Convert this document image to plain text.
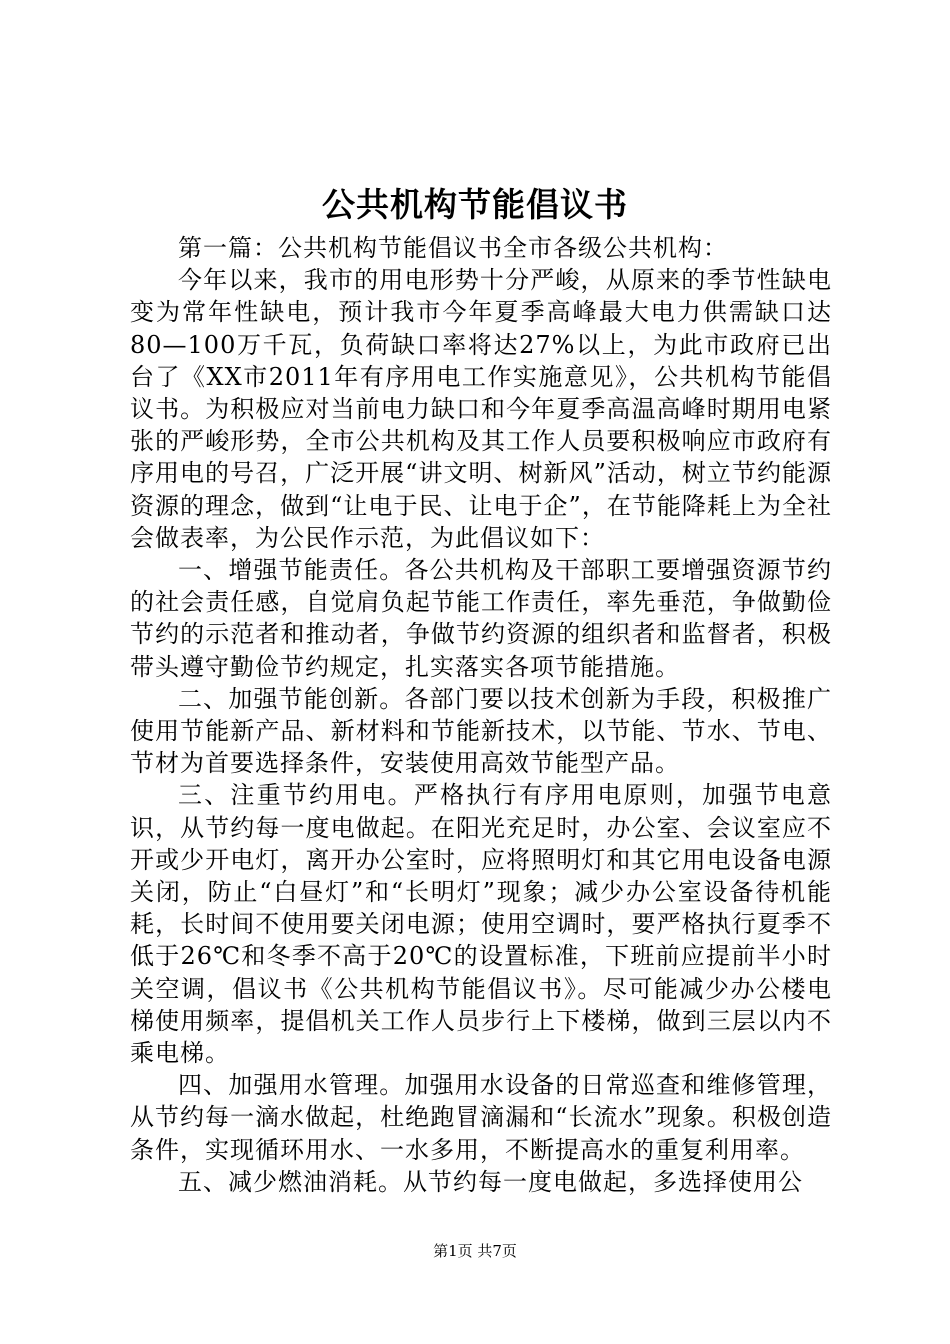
公共机构节能倡议书

第一篇：公共机构节能倡议书全市各级公共机构：

今年以来，我市的用电形势十分严峻，从原来的季节性缺电变为常年性缺电，预计我市今年夏季高峰最大电力供需缺口达80—100万千瓦，负荷缺口率将达27%以上，为此市政府已出台了《XX市2011年有序用电工作实施意见》，公共机构节能倡议书。为积极应对当前电力缺口和今年夏季高温高峰时期用电紧张的严峻形势，全市公共机构及其工作人员要积极响应市政府有序用电的号召，广泛开展“讲文明、树新风”活动，树立节约能源资源的理念，做到“让电于民、让电于企”，在节能降耗上为全社会做表率，为公民作示范，为此倡议如下：

一、增强节能责任。各公共机构及干部职工要增强资源节约的社会责任感，自觉肩负起节能工作责任，率先垂范，争做勤俭节约的示范者和推动者，争做节约资源的组织者和监督者，积极带头遵守勤俭节约规定，扎实落实各项节能措施。

二、加强节能创新。各部门要以技术创新为手段，积极推广使用节能新产品、新材料和节能新技术，以节能、节水、节电、节材为首要选择条件，安装使用高效节能型产品。

三、注重节约用电。严格执行有序用电原则，加强节电意识，从节约每一度电做起。在阳光充足时，办公室、会议室应不开或少开电灯，离开办公室时，应将照明灯和其它用电设备电源关闭，防止“白昼灯”和“长明灯”现象；减少办公室设备待机能耗，长时间不使用要关闭电源；使用空调时，要严格执行夏季不低于26℃和冬季不高于20℃的设置标准，下班前应提前半小时关空调，倡议书《公共机构节能倡议书》。尽可能减少办公楼电梯使用频率，提倡机关工作人员步行上下楼梯，做到三层以内不乘电梯。

四、加强用水管理。加强用水设备的日常巡查和维修管理，从节约每一滴水做起，杜绝跑冒滴漏和“长流水”现象。积极创造条件，实现循环用水、一水多用，不断提高水的重复利用率。

五、减少燃油消耗。从节约每一度电做起，多选择使用公

第1页 共7页
